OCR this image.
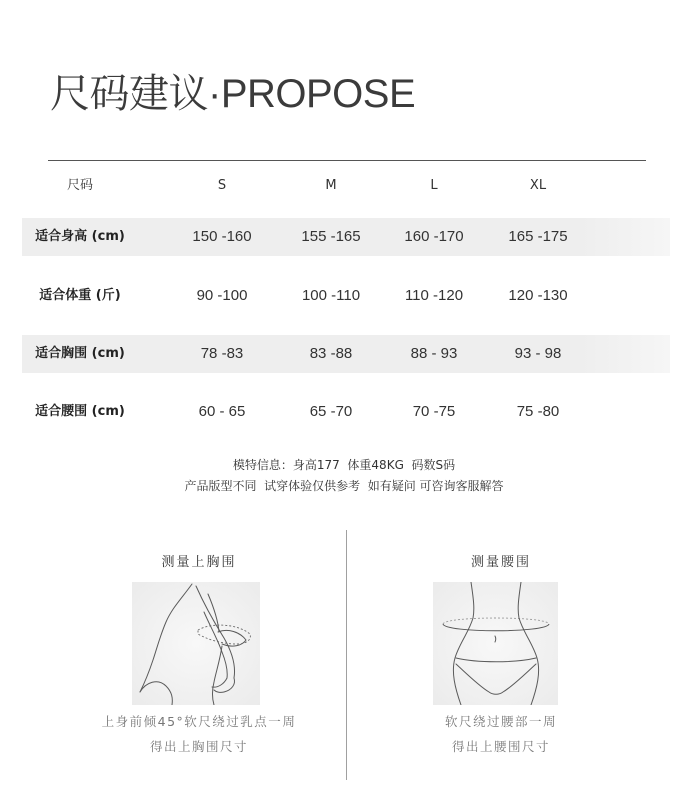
尺码建议·PROPOSE
尺码	S	M	L	XL
适合身高 (cm)	150 -160	155 -165	160 -170	165 -175
适合体重 (斤)	90 -100	100 -110	110 -120	120 -130
适合胸围 (cm)	78 -83	83 -88	88 - 93	93 - 98
适合腰围 (cm)	60 - 65	65 -70	70 -75	75 -80
模特信息：身高177  体重48KG  码数S码
产品版型不同  试穿体验仅供参考  如有疑问 可咨询客服解答
测量上胸围
上身前倾45°软尺绕过乳点一周
得出上胸围尺寸
测量腰围
软尺绕过腰部一周
得出上腰围尺寸
